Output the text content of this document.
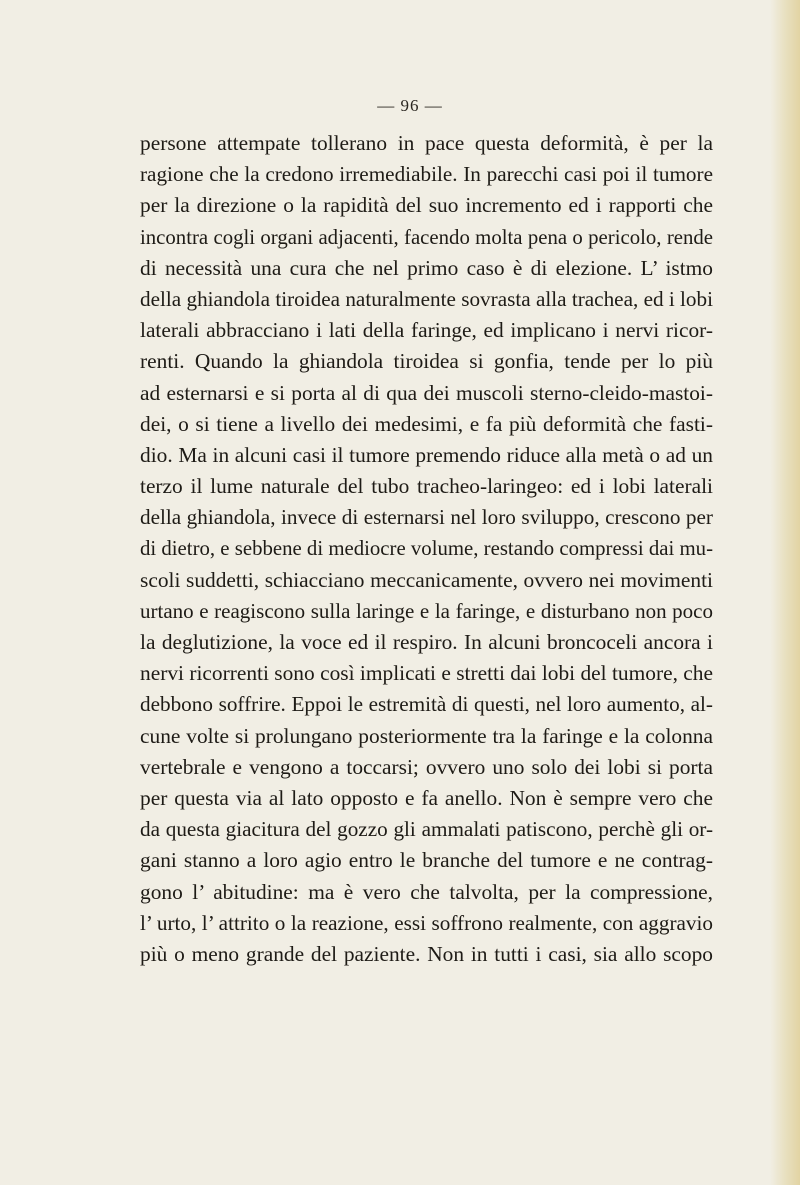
— 96 —
persone attempate tollerano in pace questa deformità, è per la
ragione che la credono irremediabile. In parecchi casi poi il tumore
per la direzione o la rapidità del suo incremento ed i rapporti che
incontra cogli organi adjacenti, facendo molta pena o pericolo, rende
di necessità una cura che nel primo caso è di elezione. L’ istmo
della ghiandola tiroidea naturalmente sovrasta alla trachea, ed i lobi
laterali abbracciano i lati della faringe, ed implicano i nervi ricor-
renti. Quando la ghiandola tiroidea si gonfia, tende per lo più
ad esternarsi e si porta al di qua dei muscoli sterno-cleido-mastoi-
dei, o si tiene a livello dei medesimi, e fa più deformità che fasti-
dio. Ma in alcuni casi il tumore premendo riduce alla metà o ad un
terzo il lume naturale del tubo tracheo-laringeo: ed i lobi laterali
della ghiandola, invece di esternarsi nel loro sviluppo, crescono per
di dietro, e sebbene di mediocre volume, restando compressi dai mu-
scoli suddetti, schiacciano meccanicamente, ovvero nei movimenti
urtano e reagiscono sulla laringe e la faringe, e disturbano non poco
la deglutizione, la voce ed il respiro. In alcuni broncoceli ancora i
nervi ricorrenti sono così implicati e stretti dai lobi del tumore, che
debbono soffrire. Eppoi le estremità di questi, nel loro aumento, al-
cune volte si prolungano posteriormente tra la faringe e la colonna
vertebrale e vengono a toccarsi; ovvero uno solo dei lobi si porta
per questa via al lato opposto e fa anello. Non è sempre vero che
da questa giacitura del gozzo gli ammalati patiscono, perchè gli or-
gani stanno a loro agio entro le branche del tumore e ne contrag-
gono l’ abitudine: ma è vero che talvolta, per la compressione,
l’ urto, l’ attrito o la reazione, essi soffrono realmente, con aggravio
più o meno grande del paziente. Non in tutti i casi, sia allo scopo
